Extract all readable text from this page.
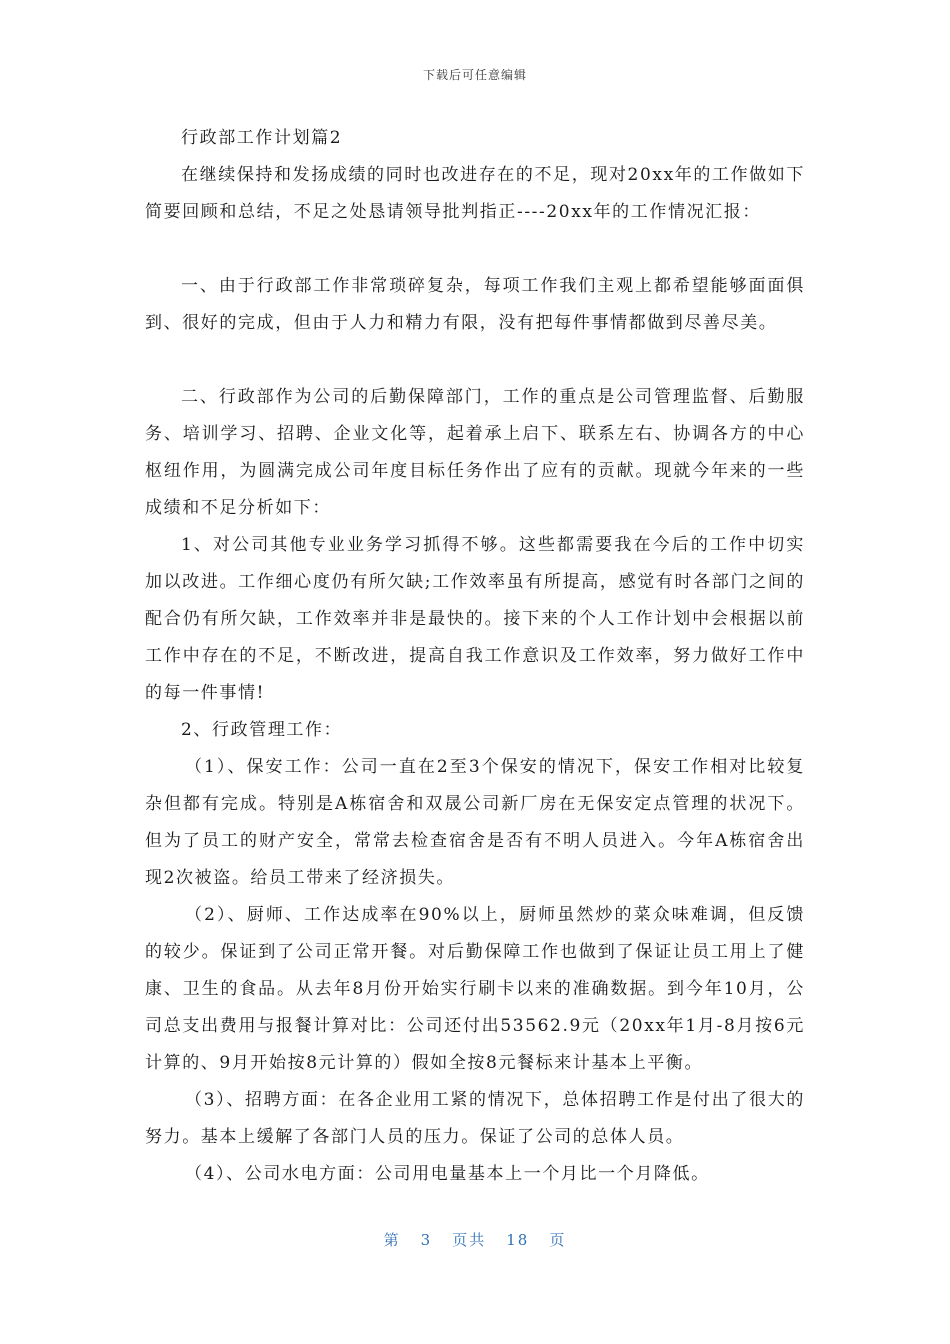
下载后可任意编辑

行政部工作计划篇2

在继续保持和发扬成绩的同时也改进存在的不足，现对20xx年的工作做如下简要回顾和总结，不足之处恳请领导批判指正----20xx年的工作情况汇报：

一、由于行政部工作非常琐碎复杂，每项工作我们主观上都希望能够面面俱到、很好的完成，但由于人力和精力有限，没有把每件事情都做到尽善尽美。

二、行政部作为公司的后勤保障部门，工作的重点是公司管理监督、后勤服务、培训学习、招聘、企业文化等，起着承上启下、联系左右、协调各方的中心枢纽作用，为圆满完成公司年度目标任务作出了应有的贡献。现就今年来的一些成绩和不足分析如下：

1、对公司其他专业业务学习抓得不够。这些都需要我在今后的工作中切实加以改进。工作细心度仍有所欠缺;工作效率虽有所提高，感觉有时各部门之间的配合仍有所欠缺，工作效率并非是最快的。接下来的个人工作计划中会根据以前工作中存在的不足，不断改进，提高自我工作意识及工作效率，努力做好工作中的每一件事情!

2、行政管理工作：

（1）、保安工作：公司一直在2至3个保安的情况下，保安工作相对比较复杂但都有完成。特别是A栋宿舍和双晟公司新厂房在无保安定点管理的状况下。但为了员工的财产安全，常常去检查宿舍是否有不明人员进入。今年A栋宿舍出现2次被盗。给员工带来了经济损失。

（2）、厨师、工作达成率在90%以上，厨师虽然炒的菜众味难调，但反馈的较少。保证到了公司正常开餐。对后勤保障工作也做到了保证让员工用上了健康、卫生的食品。从去年8月份开始实行刷卡以来的准确数据。到今年10月，公司总支出费用与报餐计算对比：公司还付出53562.9元（20xx年1月-8月按6元计算的、9月开始按8元计算的）假如全按8元餐标来计基本上平衡。

（3）、招聘方面：在各企业用工紧的情况下，总体招聘工作是付出了很大的努力。基本上缓解了各部门人员的压力。保证了公司的总体人员。

（4）、公司水电方面：公司用电量基本上一个月比一个月降低。

第 3 页共 18 页
